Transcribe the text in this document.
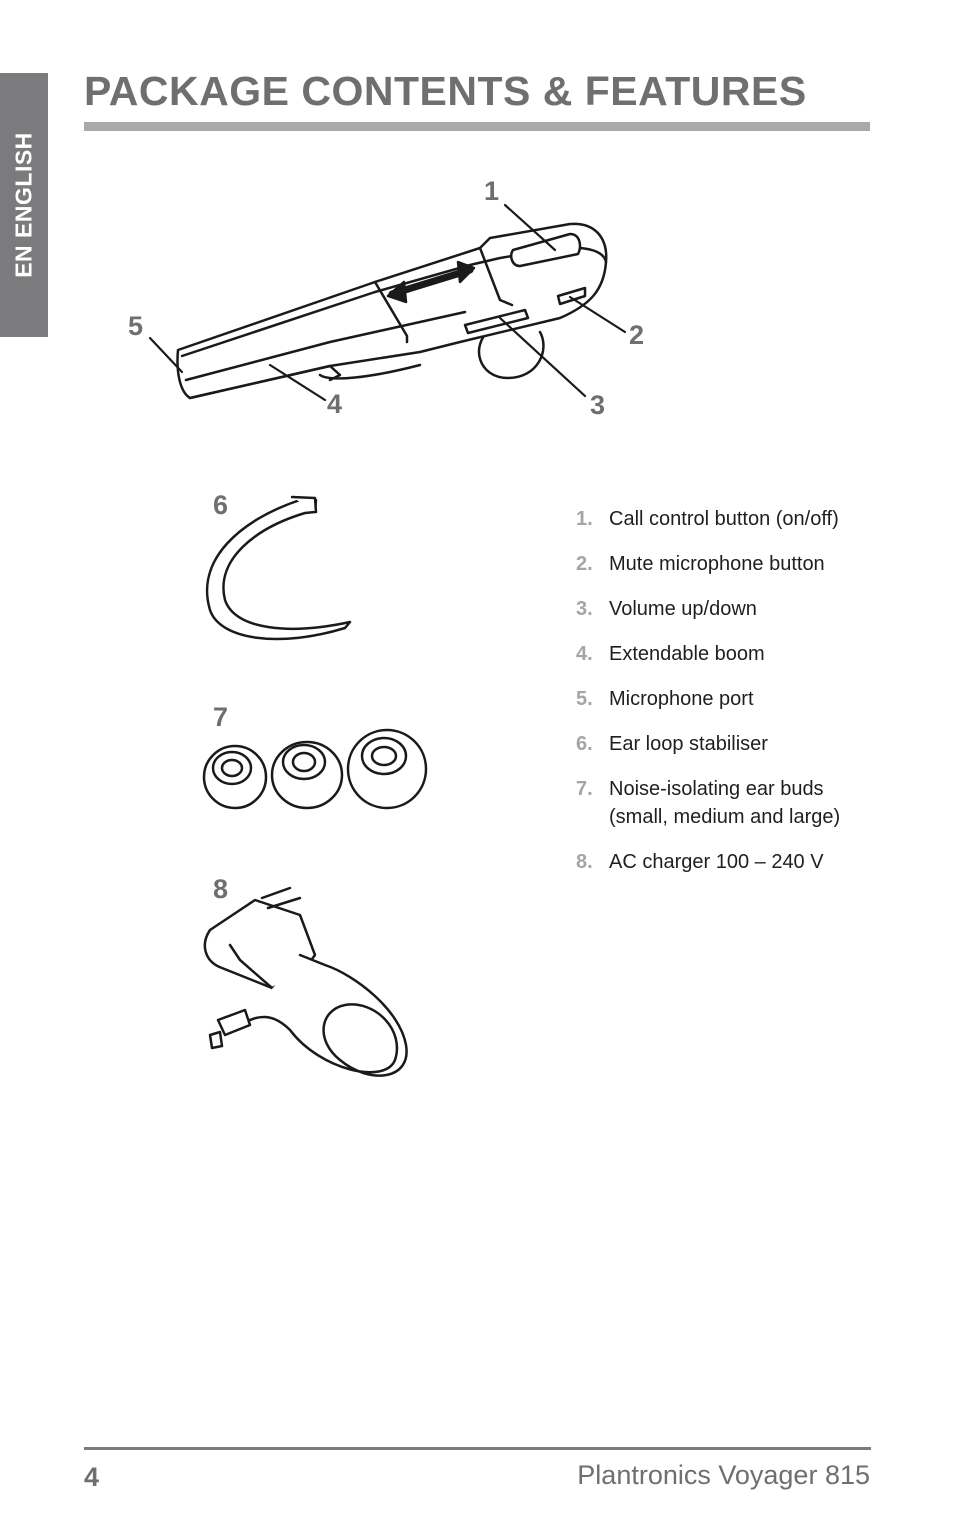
EN ENGLISH
PACKAGE CONTENTS & FEATURES
1
2
3
4
5
6
7
8
1. Call control button (on/off)
2. Mute microphone button
3. Volume up/down
4. Extendable boom
5. Microphone port
6. Ear loop stabiliser
7. Noise-isolating ear buds (small, medium and large)
8. AC charger 100 – 240 V
4	Plantronics Voyager 815
